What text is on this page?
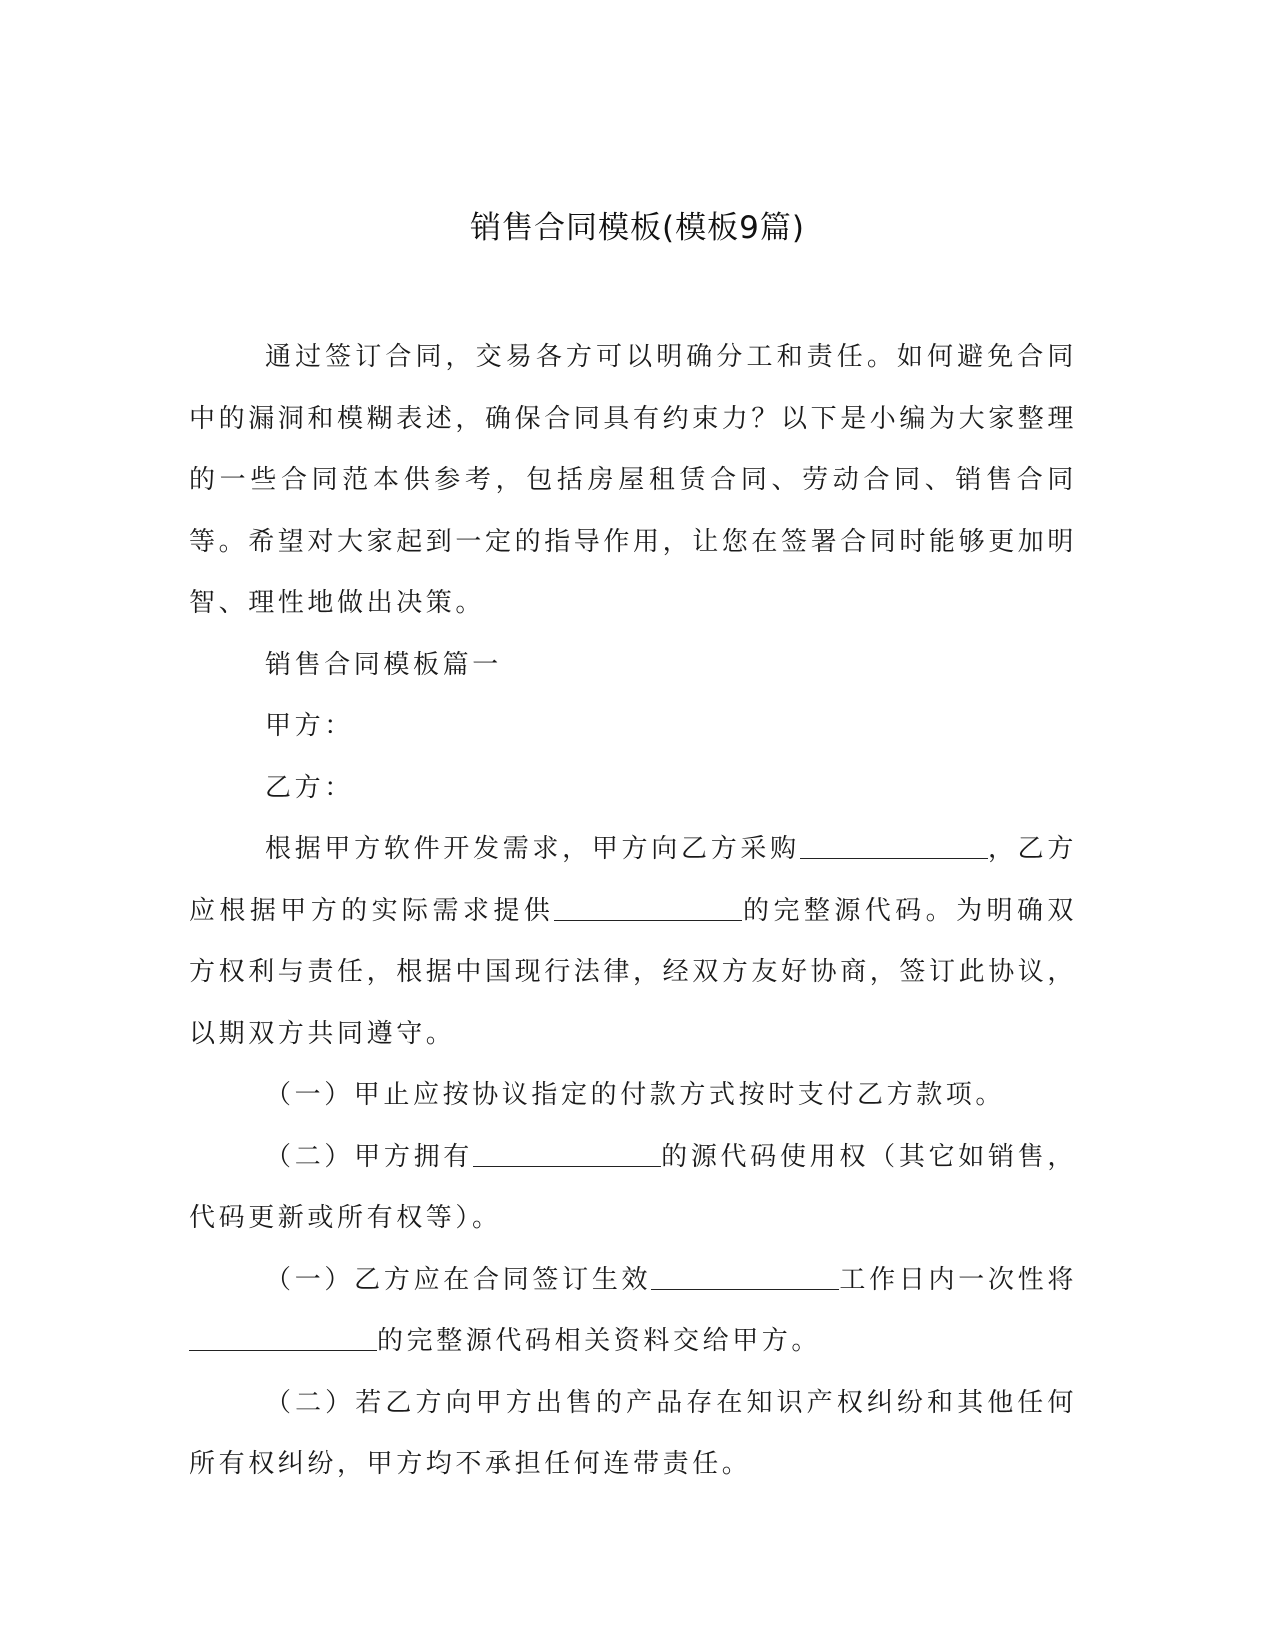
销售合同模板(模板9篇)

通过签订合同，交易各方可以明确分工和责任。如何避免合同中的漏洞和模糊表述，确保合同具有约束力？以下是小编为大家整理的一些合同范本供参考，包括房屋租赁合同、劳动合同、销售合同等。希望对大家起到一定的指导作用，让您在签署合同时能够更加明智、理性地做出决策。

销售合同模板篇一

甲方：

乙方：

根据甲方软件开发需求，甲方向乙方采购	，乙方应根据甲方的实际需求提供	的完整源代码。为明确双方权利与责任，根据中国现行法律，经双方友好协商，签订此协议，以期双方共同遵守。

（一）甲止应按协议指定的付款方式按时支付乙方款项。

（二）甲方拥有	的源代码使用权（其它如销售，代码更新或所有权等）。

（一）乙方应在合同签订生效	工作日内一次性将的完整源代码相关资料交给甲方。

（二）若乙方向甲方出售的产品存在知识产权纠纷和其他任何所有权纠纷，甲方均不承担任何连带责任。
